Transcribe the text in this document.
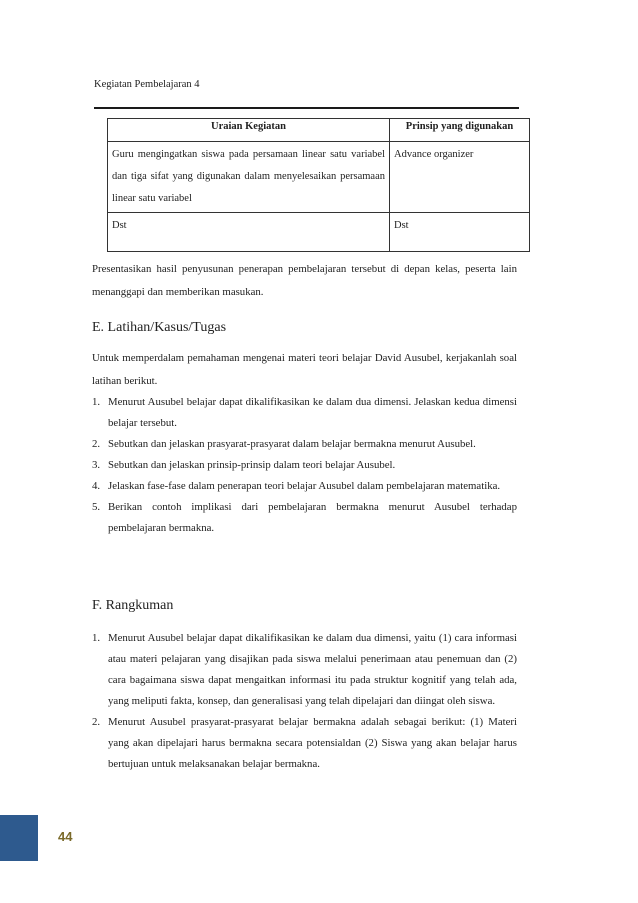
Kegiatan Pembelajaran 4
Uraian Kegiatan	Prinsip yang digunakan
Guru mengingatkan siswa pada persamaan linear satu variabel dan tiga sifat yang digunakan dalam menyelesaikan persamaan linear satu variabel	Advance organizer
Dst	Dst
Presentasikan hasil penyusunan penerapan pembelajaran tersebut di depan kelas, peserta lain menanggapi dan memberikan masukan.
E. Latihan/Kasus/Tugas
Untuk memperdalam pemahaman mengenai materi teori belajar David Ausubel, kerjakanlah soal latihan berikut.
1. Menurut Ausubel belajar dapat dikalifikasikan ke dalam dua dimensi. Jelaskan kedua dimensi belajar tersebut.
2. Sebutkan dan jelaskan prasyarat-prasyarat dalam belajar bermakna menurut Ausubel.
3. Sebutkan dan jelaskan prinsip-prinsip dalam teori belajar Ausubel.
4. Jelaskan fase-fase dalam penerapan teori belajar Ausubel dalam pembelajaran matematika.
5. Berikan contoh implikasi dari pembelajaran bermakna menurut Ausubel terhadap pembelajaran bermakna.
F. Rangkuman
1. Menurut Ausubel belajar dapat dikalifikasikan ke dalam dua dimensi, yaitu (1) cara informasi atau materi pelajaran yang disajikan pada siswa melalui penerimaan atau penemuan dan (2) cara bagaimana siswa dapat mengaitkan informasi itu pada struktur kognitif yang telah ada, yang meliputi fakta, konsep, dan generalisasi yang telah dipelajari dan diingat oleh siswa.
2. Menurut Ausubel prasyarat-prasyarat belajar bermakna adalah sebagai berikut: (1) Materi yang akan dipelajari harus bermakna secara potensialdan (2) Siswa yang akan belajar harus bertujuan untuk melaksanakan belajar bermakna.
44
